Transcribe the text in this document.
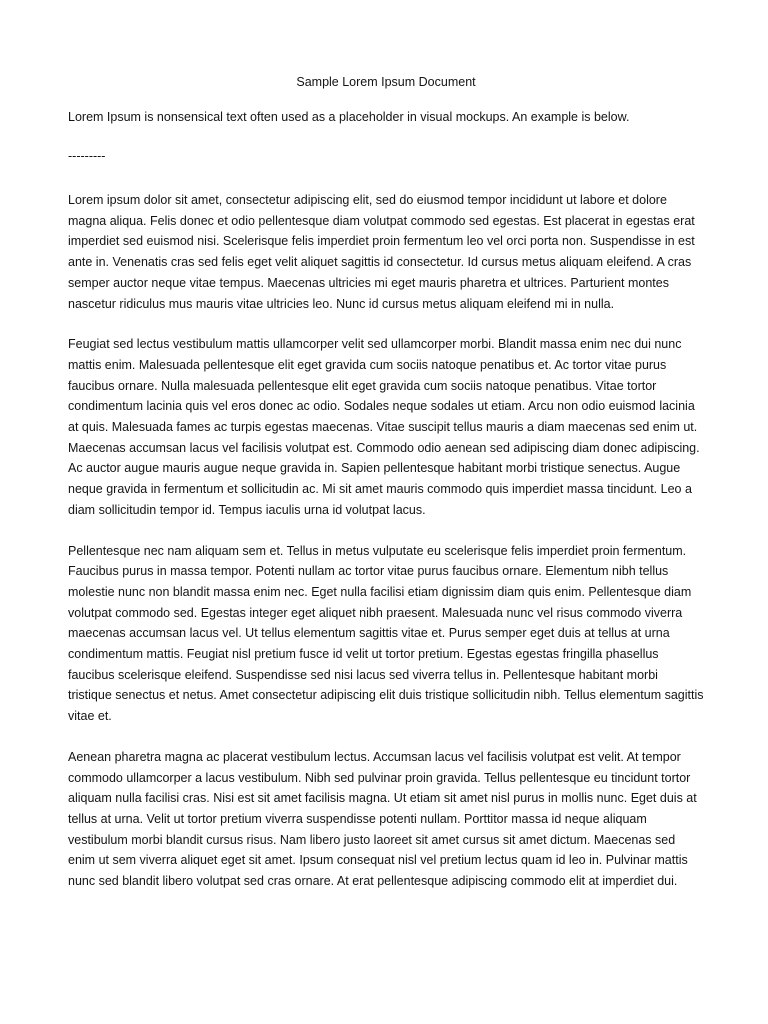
Sample Lorem Ipsum Document

Lorem Ipsum is nonsensical text often used as a placeholder in visual mockups. An example is below.

---------

Lorem ipsum dolor sit amet, consectetur adipiscing elit, sed do eiusmod tempor incididunt ut labore et dolore magna aliqua. Felis donec et odio pellentesque diam volutpat commodo sed egestas. Est placerat in egestas erat imperdiet sed euismod nisi. Scelerisque felis imperdiet proin fermentum leo vel orci porta non. Suspendisse in est ante in. Venenatis cras sed felis eget velit aliquet sagittis id consectetur. Id cursus metus aliquam eleifend. A cras semper auctor neque vitae tempus. Maecenas ultricies mi eget mauris pharetra et ultrices. Parturient montes nascetur ridiculus mus mauris vitae ultricies leo. Nunc id cursus metus aliquam eleifend mi in nulla.

Feugiat sed lectus vestibulum mattis ullamcorper velit sed ullamcorper morbi. Blandit massa enim nec dui nunc mattis enim. Malesuada pellentesque elit eget gravida cum sociis natoque penatibus et. Ac tortor vitae purus faucibus ornare. Nulla malesuada pellentesque elit eget gravida cum sociis natoque penatibus. Vitae tortor condimentum lacinia quis vel eros donec ac odio. Sodales neque sodales ut etiam. Arcu non odio euismod lacinia at quis. Malesuada fames ac turpis egestas maecenas. Vitae suscipit tellus mauris a diam maecenas sed enim ut. Maecenas accumsan lacus vel facilisis volutpat est. Commodo odio aenean sed adipiscing diam donec adipiscing. Ac auctor augue mauris augue neque gravida in. Sapien pellentesque habitant morbi tristique senectus. Augue neque gravida in fermentum et sollicitudin ac. Mi sit amet mauris commodo quis imperdiet massa tincidunt. Leo a diam sollicitudin tempor id. Tempus iaculis urna id volutpat lacus.

Pellentesque nec nam aliquam sem et. Tellus in metus vulputate eu scelerisque felis imperdiet proin fermentum. Faucibus purus in massa tempor. Potenti nullam ac tortor vitae purus faucibus ornare. Elementum nibh tellus molestie nunc non blandit massa enim nec. Eget nulla facilisi etiam dignissim diam quis enim. Pellentesque diam volutpat commodo sed. Egestas integer eget aliquet nibh praesent. Malesuada nunc vel risus commodo viverra maecenas accumsan lacus vel. Ut tellus elementum sagittis vitae et. Purus semper eget duis at tellus at urna condimentum mattis. Feugiat nisl pretium fusce id velit ut tortor pretium. Egestas egestas fringilla phasellus faucibus scelerisque eleifend. Suspendisse sed nisi lacus sed viverra tellus in. Pellentesque habitant morbi tristique senectus et netus. Amet consectetur adipiscing elit duis tristique sollicitudin nibh. Tellus elementum sagittis vitae et.

Aenean pharetra magna ac placerat vestibulum lectus. Accumsan lacus vel facilisis volutpat est velit. At tempor commodo ullamcorper a lacus vestibulum. Nibh sed pulvinar proin gravida. Tellus pellentesque eu tincidunt tortor aliquam nulla facilisi cras. Nisi est sit amet facilisis magna. Ut etiam sit amet nisl purus in mollis nunc. Eget duis at tellus at urna. Velit ut tortor pretium viverra suspendisse potenti nullam. Porttitor massa id neque aliquam vestibulum morbi blandit cursus risus. Nam libero justo laoreet sit amet cursus sit amet dictum. Maecenas sed enim ut sem viverra aliquet eget sit amet. Ipsum consequat nisl vel pretium lectus quam id leo in. Pulvinar mattis nunc sed blandit libero volutpat sed cras ornare. At erat pellentesque adipiscing commodo elit at imperdiet dui.
